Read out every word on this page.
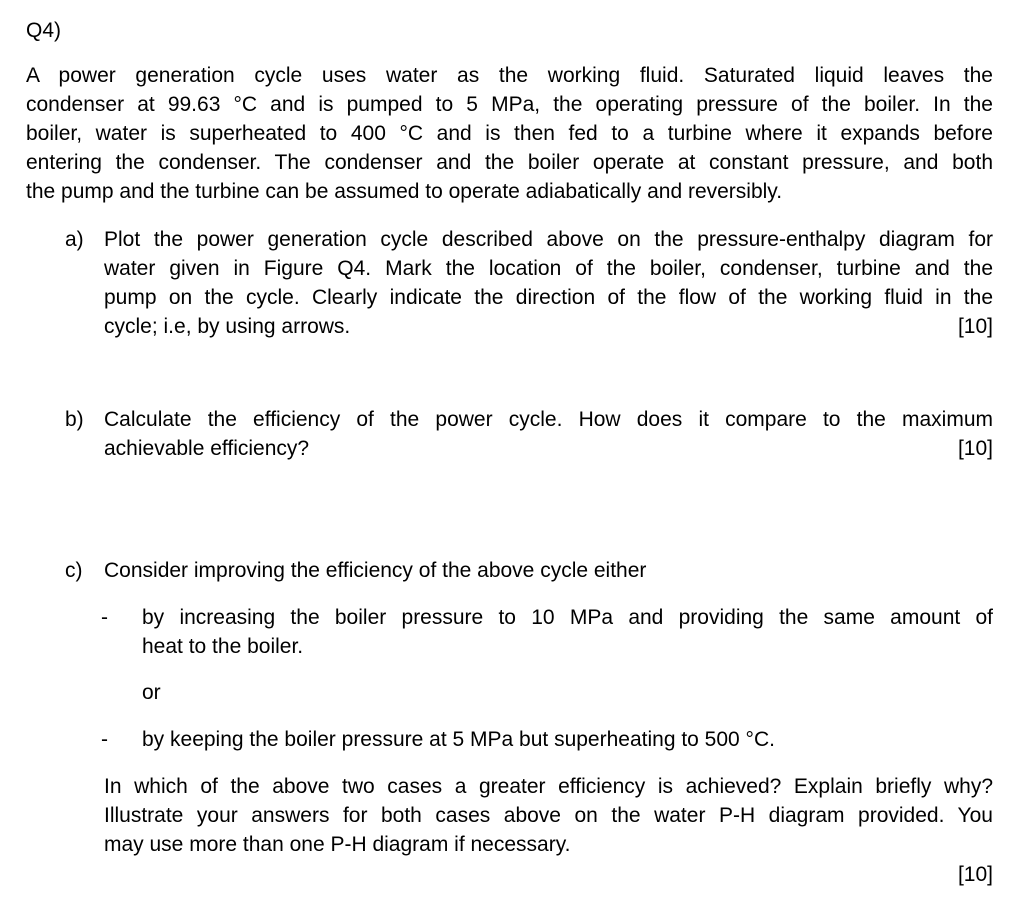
Q4)
A power generation cycle uses water as the working fluid. Saturated liquid leaves the
condenser at 99.63 °C and is pumped to 5 MPa, the operating pressure of the boiler. In the
boiler, water is superheated to 400 °C and is then fed to a turbine where it expands before
entering the condenser. The condenser and the boiler operate at constant pressure, and both
the pump and the turbine can be assumed to operate adiabatically and reversibly.
a) Plot the power generation cycle described above on the pressure-enthalpy diagram for
water given in Figure Q4. Mark the location of the boiler, condenser, turbine and the
pump on the cycle. Clearly indicate the direction of the flow of the working fluid in the
cycle; i.e, by using arrows.	[10]
b) Calculate the efficiency of the power cycle. How does it compare to the maximum
achievable efficiency?	[10]
c) Consider improving the efficiency of the above cycle either
- by increasing the boiler pressure to 10 MPa and providing the same amount of
heat to the boiler.
or
- by keeping the boiler pressure at 5 MPa but superheating to 500 °C.
In which of the above two cases a greater efficiency is achieved? Explain briefly why?
Illustrate your answers for both cases above on the water P-H diagram provided. You
may use more than one P-H diagram if necessary.
[10]
